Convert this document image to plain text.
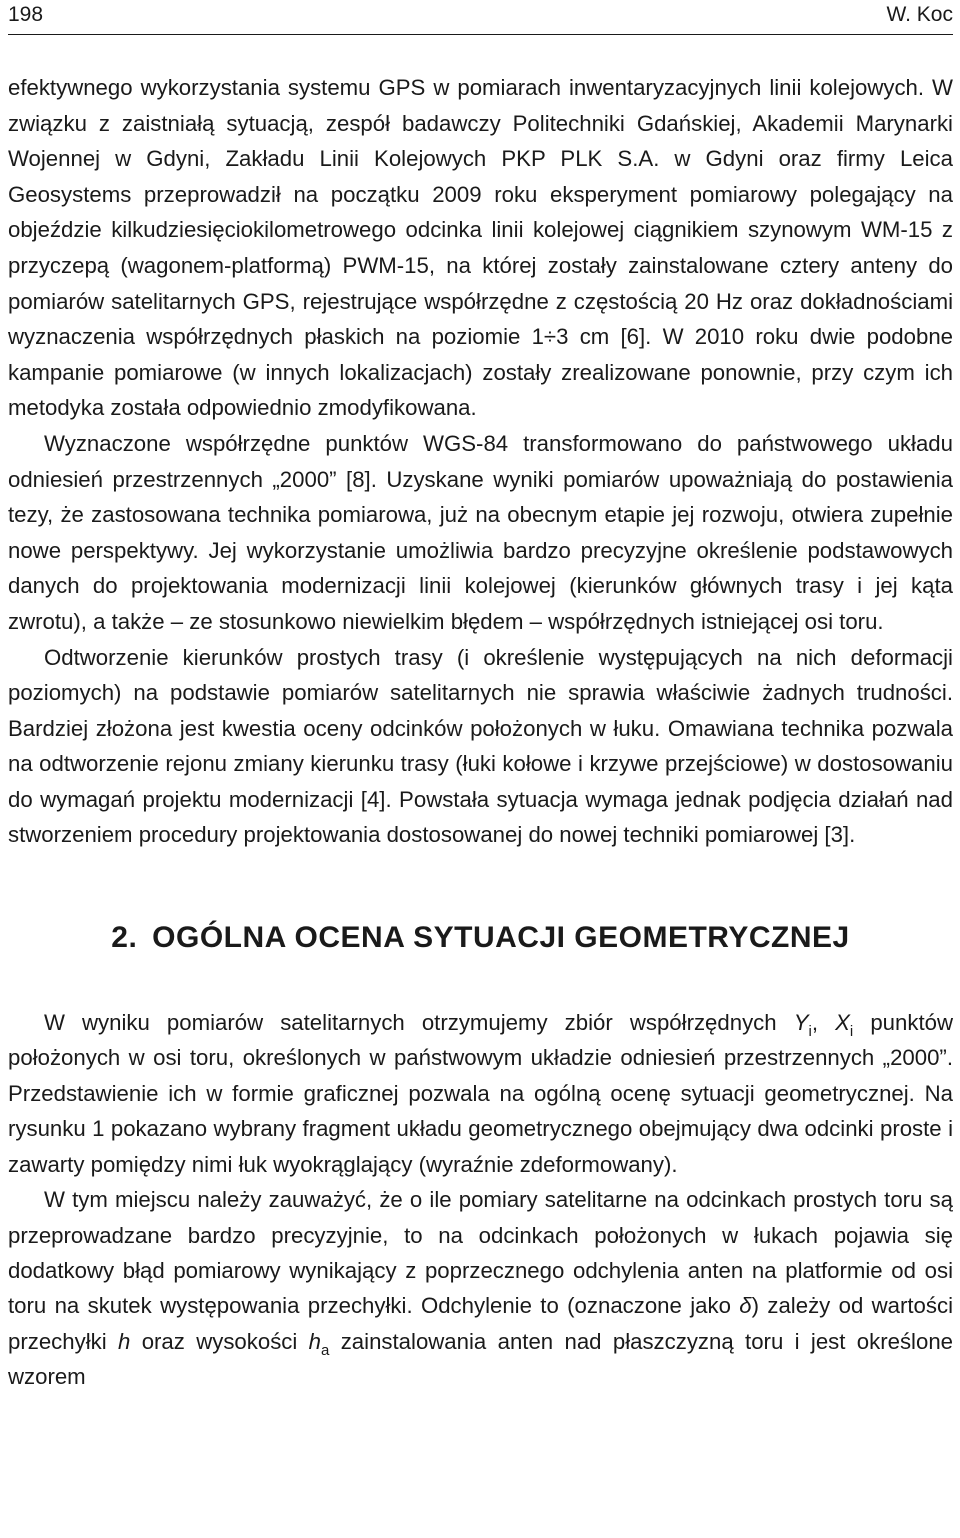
198	W. Koc

efektywnego wykorzystania systemu GPS w pomiarach inwentaryzacyjnych linii kolejowych. W związku z zaistniałą sytuacją, zespół badawczy Politechniki Gdańskiej, Akademii Marynarki Wojennej w Gdyni, Zakładu Linii Kolejowych PKP PLK S.A. w Gdyni oraz firmy Leica Geosystems przeprowadził na początku 2009 roku eksperyment pomiarowy polegający na objeździe kilkudziesięciokilometrowego odcinka linii kolejowej ciągnikiem szynowym WM-15 z przyczepą (wagonem-platformą) PWM-15, na której zostały zainstalowane cztery anteny do pomiarów satelitarnych GPS, rejestrujące współrzędne z częstością 20 Hz oraz dokładnościami wyznaczenia współrzędnych płaskich na poziomie 1÷3 cm [6]. W 2010 roku dwie podobne kampanie pomiarowe (w innych lokalizacjach) zostały zrealizowane ponownie, przy czym ich metodyka została odpowiednio zmodyfikowana.

Wyznaczone współrzędne punktów WGS-84 transformowano do państwowego układu odniesień przestrzennych „2000” [8]. Uzyskane wyniki pomiarów upoważniają do postawienia tezy, że zastosowana technika pomiarowa, już na obecnym etapie jej rozwoju, otwiera zupełnie nowe perspektywy. Jej wykorzystanie umożliwia bardzo precyzyjne określenie podstawowych danych do projektowania modernizacji linii kolejowej (kierunków głównych trasy i jej kąta zwrotu), a także – ze stosunkowo niewielkim błędem – współrzędnych istniejącej osi toru.

Odtworzenie kierunków prostych trasy (i określenie występujących na nich deformacji poziomych) na podstawie pomiarów satelitarnych nie sprawia właściwie żadnych trudności. Bardziej złożona jest kwestia oceny odcinków położonych w łuku. Omawiana technika pozwala na odtworzenie rejonu zmiany kierunku trasy (łuki kołowe i krzywe przejściowe) w dostosowaniu do wymagań projektu modernizacji [4]. Powstała sytuacja wymaga jednak podjęcia działań nad stworzeniem procedury projektowania dostosowanej do nowej techniki pomiarowej [3].

2. OGÓLNA OCENA SYTUACJI GEOMETRYCZNEJ

W wyniku pomiarów satelitarnych otrzymujemy zbiór współrzędnych $Y_i$, $X_i$ punktów położonych w osi toru, określonych w państwowym układzie odniesień przestrzennych „2000”. Przedstawienie ich w formie graficznej pozwala na ogólną ocenę sytuacji geometrycznej. Na rysunku 1 pokazano wybrany fragment układu geometrycznego obejmujący dwa odcinki proste i zawarty pomiędzy nimi łuk wyokrąglający (wyraźnie zdeformowany).

W tym miejscu należy zauważyć, że o ile pomiary satelitarne na odcinkach prostych toru są przeprowadzane bardzo precyzyjnie, to na odcinkach położonych w łukach pojawia się dodatkowy błąd pomiarowy wynikający z poprzecznego odchylenia anten na platformie od osi toru na skutek występowania przechyłki. Odchylenie to (oznaczone jako δ) zależy od wartości przechyłki h oraz wysokości $h_a$ zainstalowania anten nad płaszczyzną toru i jest określone wzorem
